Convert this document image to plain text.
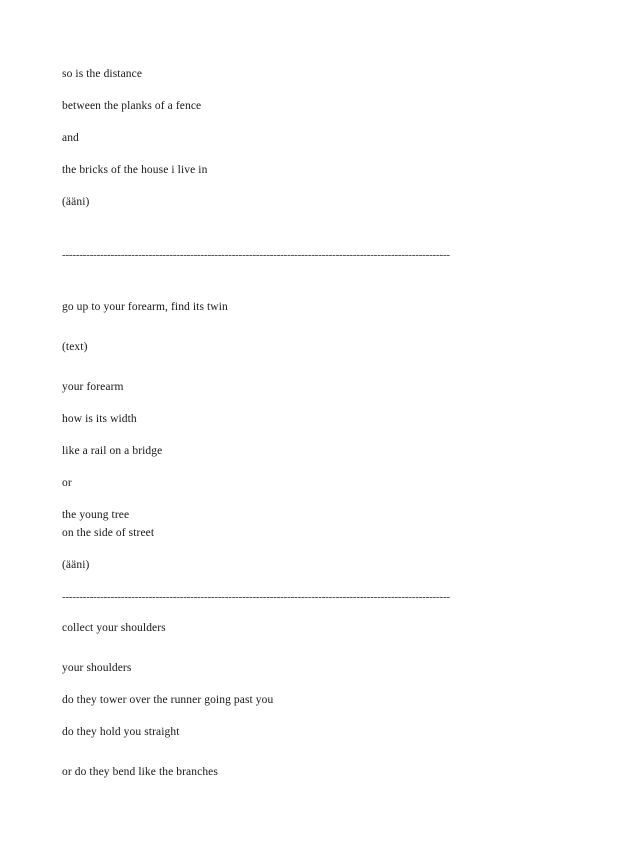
so is the distance
between the planks of a fence
and
the bricks of the house i live in
(ääni)
----------------------------------------------------------------------------------------------------------------
go up to your forearm, find its twin
(text)
your forearm
how is its width
like a rail on a bridge
or
the young tree
on the side of street
(ääni)
----------------------------------------------------------------------------------------------------------------
collect your shoulders
your shoulders
do they tower over the runner going past you
do they hold you straight
or do they bend like the branches
